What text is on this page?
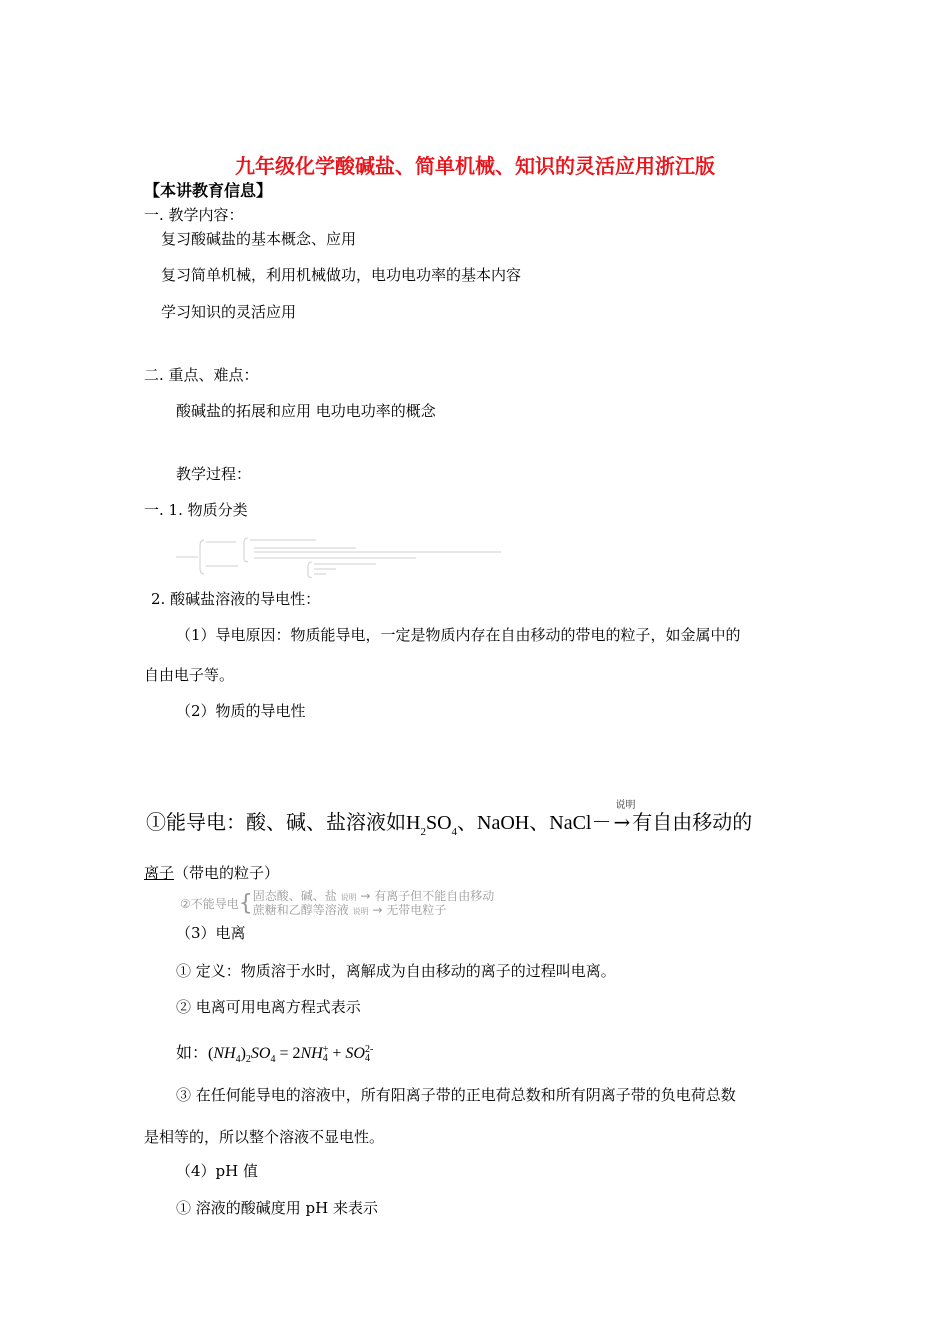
九年级化学酸碱盐、简单机械、知识的灵活应用浙江版
【本讲教育信息】
一. 教学内容：
复习酸碱盐的基本概念、应用
复习简单机械，利用机械做功，电功电功率的基本内容
学习知识的灵活应用
二. 重点、难点：
酸碱盐的拓展和应用 电功电功率的概念
教学过程：
一. 1. 物质分类
2. 酸碱盐溶液的导电性：
（1）导电原因：物质能导电，一定是物质内存在自由移动的带电的粒子，如金属中的
自由电子等。
（2）物质的导电性
①能导电：酸、碱、盐溶液如$H_2SO_4$、NaOH、NaCl－
说明
→ 有自由移动的
离子（带电的粒子）
②不能导电{ 固态酸、碱、盐 说明 → 有离子但不能自由移动
蔗糖和乙醇等溶液 说明 → 无带电粒子
（3）电离
① 定义：物质溶于水时，离解成为自由移动的离子的过程叫电离。
② 电离可用电离方程式表示
如：$(NH_4)_2SO_4 = 2NH$ +
4 + SO 2-
4
③ 在任何能导电的溶液中，所有阳离子带的正电荷总数和所有阴离子带的负电荷总数
是相等的，所以整个溶液不显电性。
（4）pH 值
① 溶液的酸碱度用 pH 来表示
